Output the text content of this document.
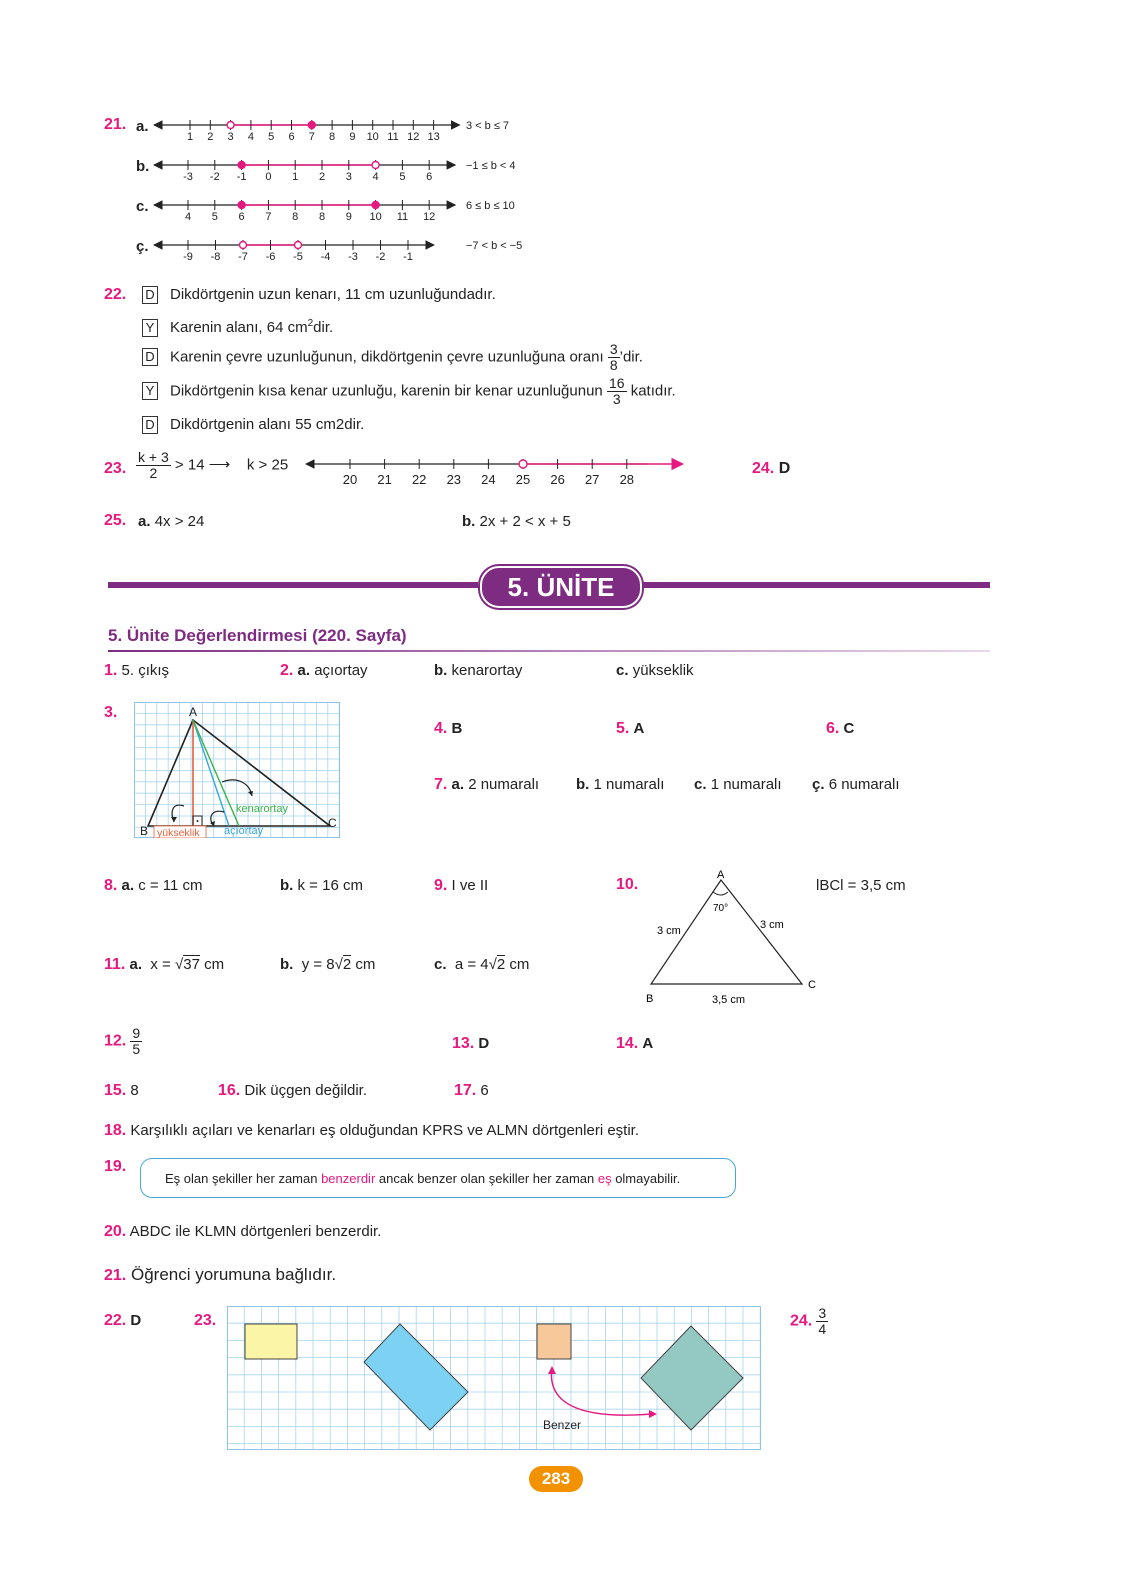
21. a.
b.
c.
ç.
1 2 3 4 5 6 7 8 9 10 11 12 13
-3 -2 -1 0 1 2 3 4 5 6
4 5 6 7 8 8 9 10 11 12
-9 -8 -7 -6 -5 -4 -3 -2 -1
3 < b ≤ 7
−1 ≤ b < 4
6 ≤ b ≤ 10
−7 < b < −5
22. D Dikdörtgenin uzun kenarı, 11 cm uzunluğundadır.
Y Karenin alanı, 64 $cm^2dir$.
D Karenin çevre uzunluğunun, dikdörtgenin çevre uzunluğuna oranı $\frac{3}{8}$ ’dir.
Y Dikdörtgenin kısa kenar uzunluğu, karenin bir kenar uzunluğunun $\frac{16}{3}$ katıdır.
D Dikdörtgenin alanı 55 cm2dir.
23. $\frac{k + 3}{2} > 14$ ⟶ k > 25
20 21 22 23 24 25 26 27 28
24. D
25. a. 4x > 24	b. 2x + 2 < x + 5
5. ÜNİTE
5. Ünite Değerlendirmesi (220. Sayfa)
1. 5. çıkış	2. a. açıortay	b. kenarortay	c. yükseklik
3.	A
B
C
kenarortay
yükseklik açıortay
4. B	5. A	6. C
7. a. 2 numaralı b. 1 numaralı c. 1 numaralı ç. 6 numaralı
8. a. c = 11 cm	b. k = 16 cm	9. I ve II	10.	lBCl = 3,5 cm
A
B
C
70°
3 cm	3 cm
3,5 cm
11. a. x = √37 cm	b. y = 8√2 cm	c. a = 4√2 cm
12. $\frac{9}{5}$	13. D	14. A
15. 8	16. Dik üçgen değildir.	17. 6
18. Karşılıklı açıları ve kenarları eş olduğundan KPRS ve ALMN dörtgenleri eştir.
19.
Eş olan şekiller her zaman benzerdir ancak benzer olan şekiller her zaman eş olmayabilir.
20. ABDC ile KLMN dörtgenleri benzerdir.
21. Öğrenci yorumuna bağlıdır.
22. D	23.
Benzer
24. $\frac{3}{4}$
283
